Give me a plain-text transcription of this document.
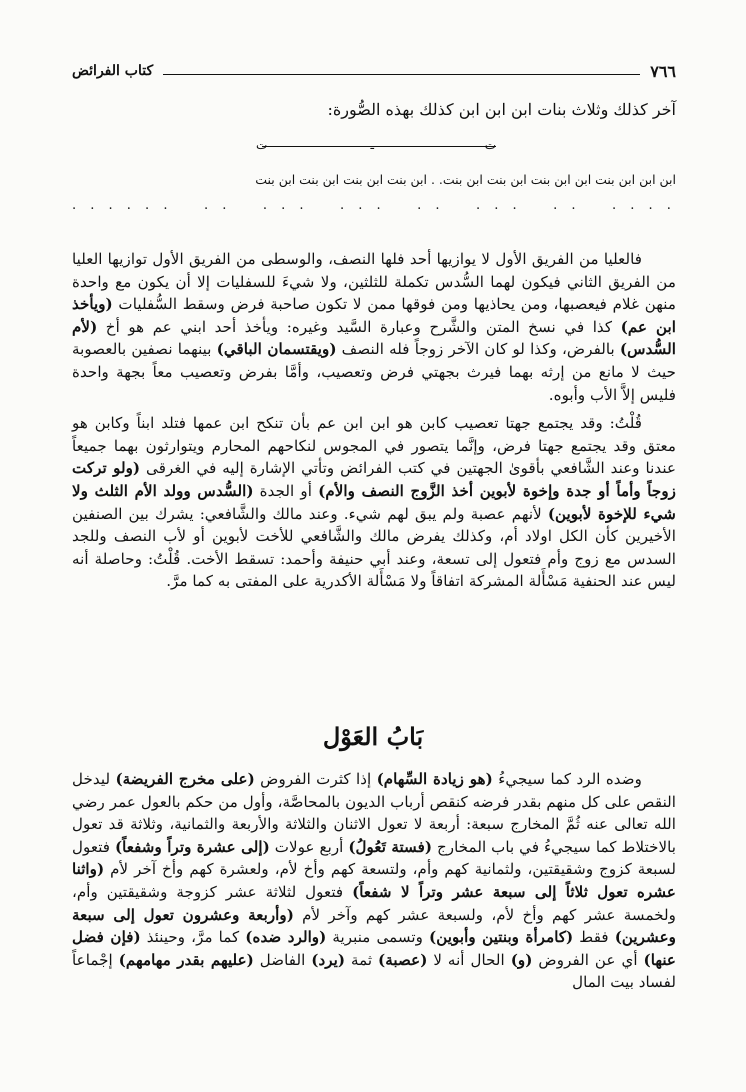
٧٦٦
كتاب الفرائض
آخر كذلك وثلاث بنات ابن ابن ابن كذلك بهذه الصُّورة:
ت
ـ
ت
ابن ابن ابن بنت ابن ابن بنت ابن بنت ابن بنت. . ابن بنت ابن بنت ابن بنت ابن بنت
. . . . . . . . . . . . . . . . . . . . . . . . .

فالعليا من الفريق الأول لا يوازيها أحد فلها النصف، والوسطى من الفريق الأول توازيها العليا من الفريق الثاني فيكون لهما السُّدس تكملة للثلثين، ولا شيءَ للسفليات إلا أن يكون مع واحدة منهن غلام فيعصبها، ومن يحاذيها ومن فوقها ممن لا تكون صاحبة فرض وسقط السُّفليات (ويأخذ ابن عم) كذا في نسخ المتن والشَّرح وعبارة السَّيد وغيره: ويأخذ أحد ابني عم هو أخ (لأم السُّدس) بالفرض، وكذا لو كان الآخر زوجاً فله النصف (ويقتسمان الباقي) بينهما نصفين بالعصوبة حيث لا مانع من إرثه بهما فيرث بجهتي فرض وتعصيب، وأمَّا بفرض وتعصيب معاً بجهة واحدة فليس إلاَّ الأب وأبوه.

قُلْتُ: وقد يجتمع جهتا تعصيب كابن هو ابن ابن عم بأن تنكح ابن عمها فتلد ابناً وكابن هو معتق وقد يجتمع جهتا فرض، وإنَّما يتصور في المجوس لنكاحهم المحارم ويتوارثون بهما جميعاً عندنا وعند الشَّافعي بأقوىٰ الجهتين في كتب الفرائض وتأتي الإشارة إليه في الغرقى (ولو تركت زوجاً وأماً أو جدة وإخوة لأبوين أخذ الزَّوج النصف والأم) أو الجدة (السُّدس وولد الأم الثلث ولا شيء للإخوة لأبوين) لأنهم عصبة ولم يبق لهم شيء. وعند مالك والشَّافعي: يشرك بين الصنفين الأخيرين كأن الكل اولاد أم، وكذلك يفرض مالك والشَّافعي للأخت لأبوين أو لأب النصف وللجد السدس مع زوج وأم فتعول إلى تسعة، وعند أبي حنيفة وأحمد: تسقط الأخت. قُلْتُ: وحاصلة أنه ليس عند الحنفية مَسْأَلة المشركة اتفاقاً ولا مَسْأَلة الأكدرية على المفتى به كما مرَّ.

بَابُ العَوْل

وضده الرد كما سيجيءُ (هو زيادة السِّهام) إذا كثرت الفروض (على مخرج الفريضة) ليدخل النقص على كل منهم بقدر فرضه كنقص أرباب الديون بالمحاصَّة، وأول من حكم بالعول عمر رضي الله تعالى عنه ثُمَّ المخارج سبعة: أربعة لا تعول الاثنان والثلاثة والأربعة والثمانية، وثلاثة قد تعول بالاختلاط كما سيجيءُ في باب المخارج (فستة تَعُولُ) أربع عولات (إلى عشرة وتراً وشفعاً) فتعول لسبعة كزوج وشقيقتين، ولثمانية كهم وأم، ولتسعة كهم وأخ لأم، ولعشرة كهم وأخ آخر لأم (واثنا عشره تعول ثلاثاً إلى سبعة عشر وتراً لا شفعاً) فتعول لثلاثة عشر كزوجة وشقيقتين وأم، ولخمسة عشر كهم وأخ لأم، ولسبعة عشر كهم وآخر لأم (وأربعة وعشرون تعول إلى سبعة وعشرين) فقط (كامرأة وبنتين وأبوين) وتسمى منبرية (والرد ضده) كما مرَّ، وحينئذ (فإن فضل عنها) أي عن الفروض (و) الحال أنه لا (عصبة) ثمة (يرد) الفاضل (عليهم بقدر مهامهم) إجْماعاً لفساد بيت المال
